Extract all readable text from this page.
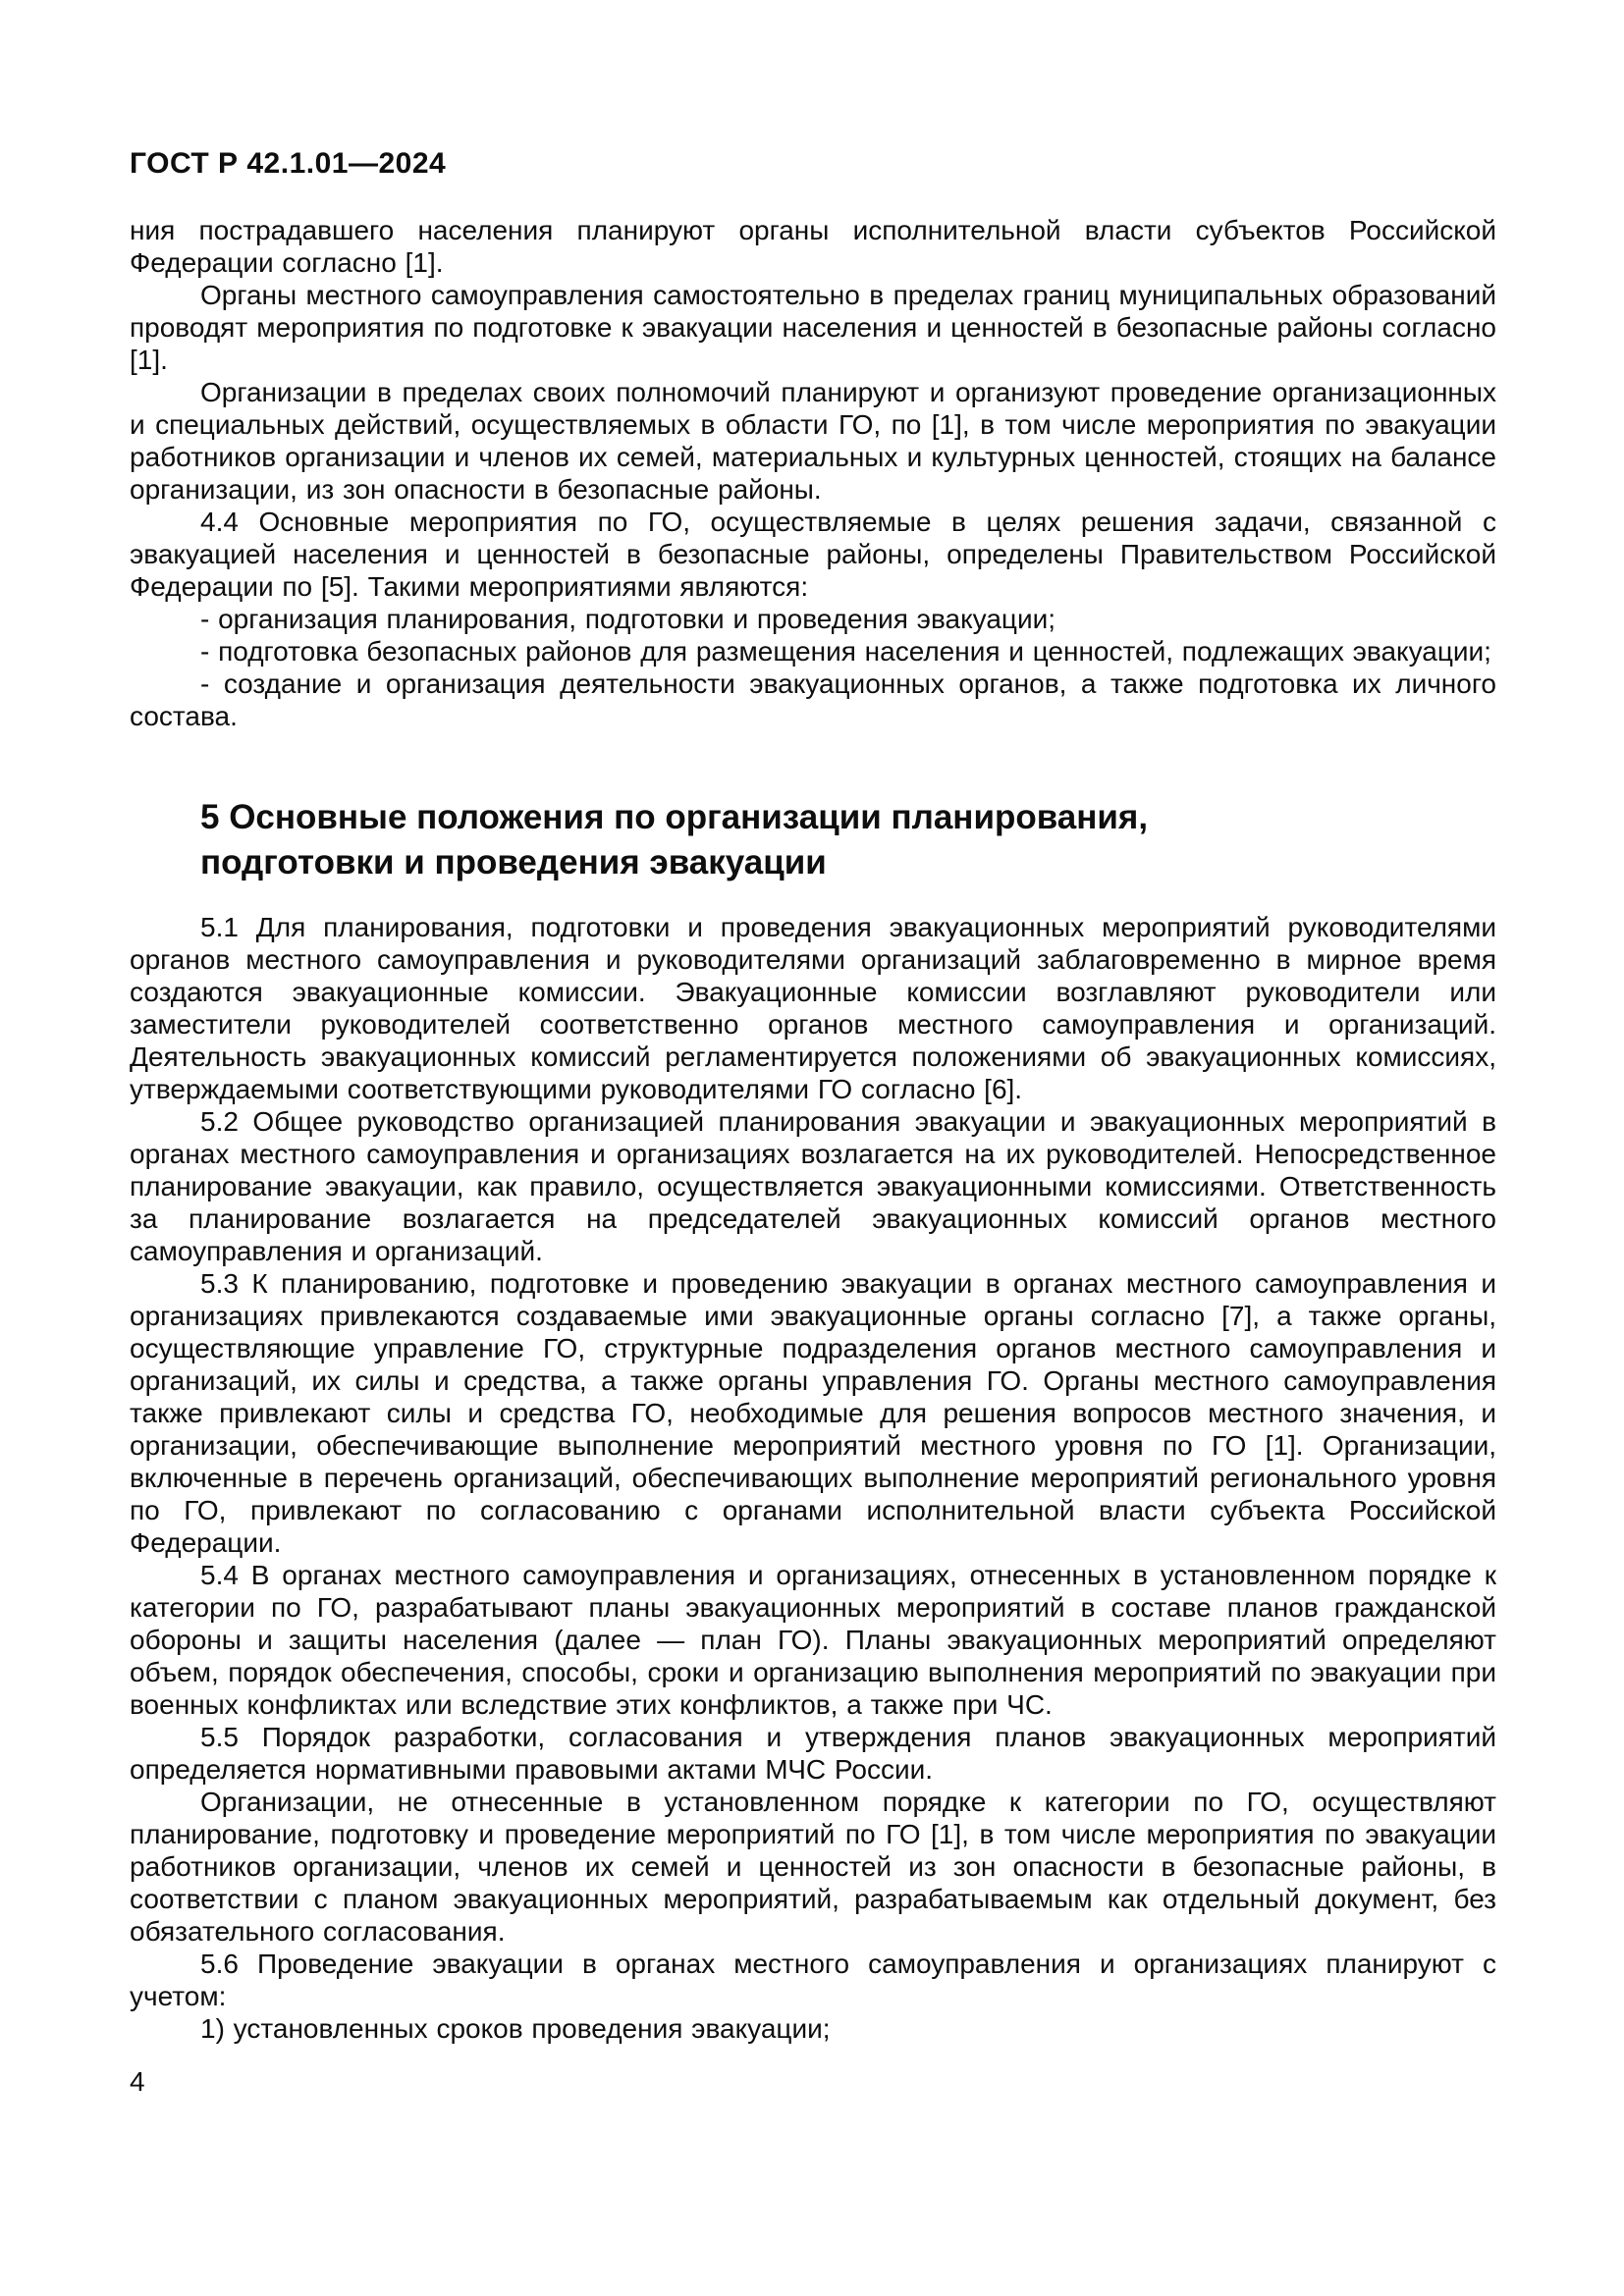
ГОСТ Р 42.1.01—2024

ния пострадавшего населения планируют органы исполнительной власти субъектов Российской Федерации согласно [1].

Органы местного самоуправления самостоятельно в пределах границ муниципальных образований проводят мероприятия по подготовке к эвакуации населения и ценностей в безопасные районы согласно [1].

Организации в пределах своих полномочий планируют и организуют проведение организационных и специальных действий, осуществляемых в области ГО, по [1], в том числе мероприятия по эвакуации работников организации и членов их семей, материальных и культурных ценностей, стоящих на балансе организации, из зон опасности в безопасные районы.

4.4 Основные мероприятия по ГО, осуществляемые в целях решения задачи, связанной с эвакуацией населения и ценностей в безопасные районы, определены Правительством Российской Федерации по [5]. Такими мероприятиями являются:

- организация планирования, подготовки и проведения эвакуации;

- подготовка безопасных районов для размещения населения и ценностей, подлежащих эвакуации;

- создание и организация деятельности эвакуационных органов, а также подготовка их личного состава.

5 Основные положения по организации планирования,
подготовки и проведения эвакуации

5.1 Для планирования, подготовки и проведения эвакуационных мероприятий руководителями органов местного самоуправления и руководителями организаций заблаговременно в мирное время создаются эвакуационные комиссии. Эвакуационные комиссии возглавляют руководители или заместители руководителей соответственно органов местного самоуправления и организаций. Деятельность эвакуационных комиссий регламентируется положениями об эвакуационных комиссиях, утверждаемыми соответствующими руководителями ГО согласно [6].

5.2 Общее руководство организацией планирования эвакуации и эвакуационных мероприятий в органах местного самоуправления и организациях возлагается на их руководителей. Непосредственное планирование эвакуации, как правило, осуществляется эвакуационными комиссиями. Ответственность за планирование возлагается на председателей эвакуационных комиссий органов местного самоуправления и организаций.

5.3 К планированию, подготовке и проведению эвакуации в органах местного самоуправления и организациях привлекаются создаваемые ими эвакуационные органы согласно [7], а также органы, осуществляющие управление ГО, структурные подразделения органов местного самоуправления и организаций, их силы и средства, а также органы управления ГО. Органы местного самоуправления также привлекают силы и средства ГО, необходимые для решения вопросов местного значения, и организации, обеспечивающие выполнение мероприятий местного уровня по ГО [1]. Организации, включенные в перечень организаций, обеспечивающих выполнение мероприятий регионального уровня по ГО, привлекают по согласованию с органами исполнительной власти субъекта Российской Федерации.

5.4 В органах местного самоуправления и организациях, отнесенных в установленном порядке к категории по ГО, разрабатывают планы эвакуационных мероприятий в составе планов гражданской обороны и защиты населения (далее — план ГО). Планы эвакуационных мероприятий определяют объем, порядок обеспечения, способы, сроки и организацию выполнения мероприятий по эвакуации при военных конфликтах или вследствие этих конфликтов, а также при ЧС.

5.5 Порядок разработки, согласования и утверждения планов эвакуационных мероприятий определяется нормативными правовыми актами МЧС России.

Организации, не отнесенные в установленном порядке к категории по ГО, осуществляют планирование, подготовку и проведение мероприятий по ГО [1], в том числе мероприятия по эвакуации работников организации, членов их семей и ценностей из зон опасности в безопасные районы, в соответствии с планом эвакуационных мероприятий, разрабатываемым как отдельный документ, без обязательного согласования.

5.6 Проведение эвакуации в органах местного самоуправления и организациях планируют с учетом:

1) установленных сроков проведения эвакуации;

4
